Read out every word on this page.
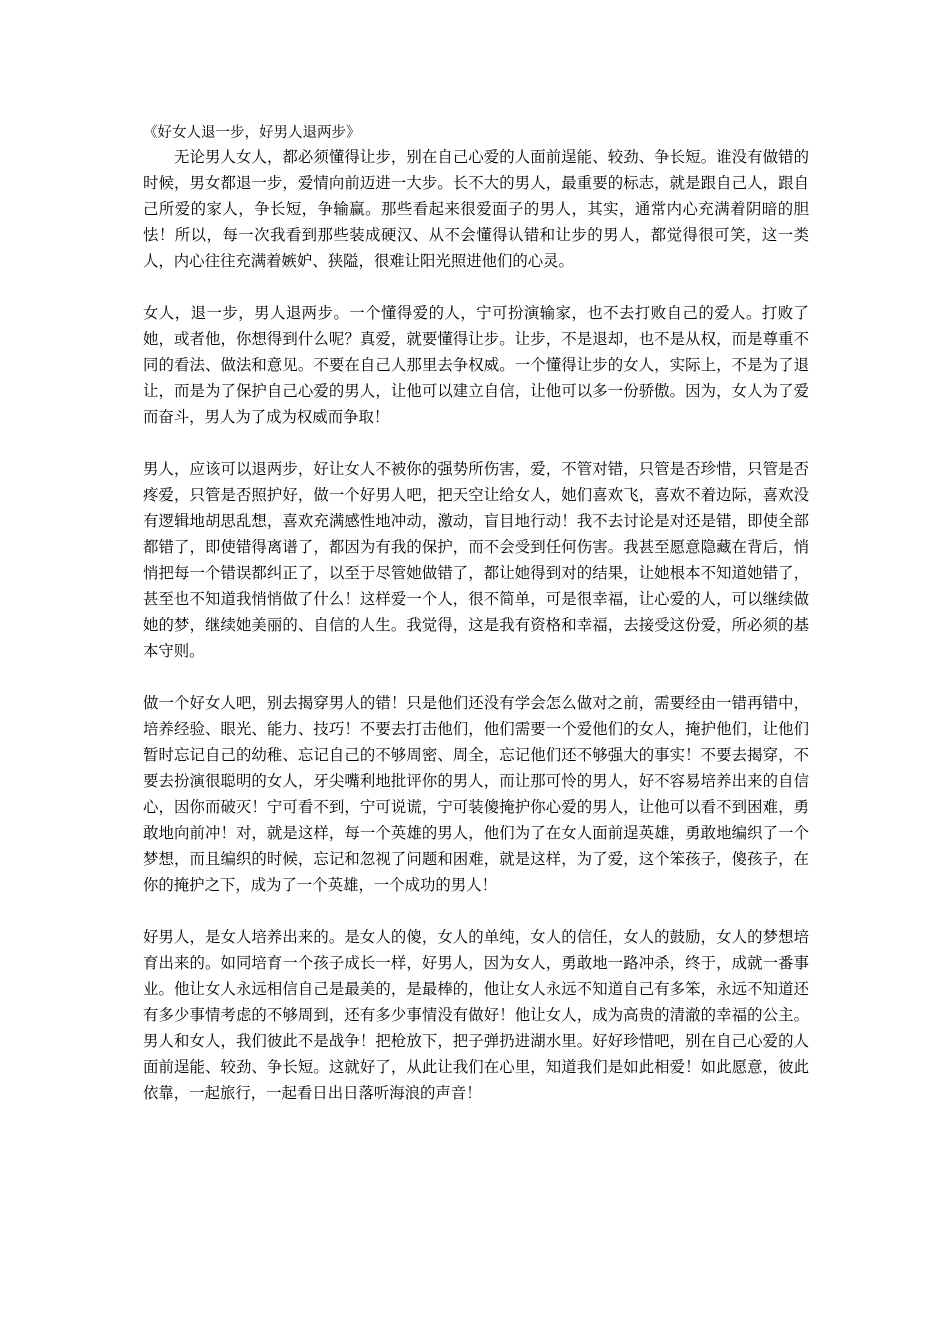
《好女人退一步，好男人退两步》

无论男人女人，都必须懂得让步，别在自己心爱的人面前逞能、较劲、争长短。谁没有做错的时候，男女都退一步，爱情向前迈进一大步。长不大的男人，最重要的标志，就是跟自己人，跟自己所爱的家人，争长短，争输赢。那些看起来很爱面子的男人，其实，通常内心充满着阴暗的胆怯！所以，每一次我看到那些装成硬汉、从不会懂得认错和让步的男人，都觉得很可笑，这一类人，内心往往充满着嫉妒、狭隘，很难让阳光照进他们的心灵。

女人，退一步，男人退两步。一个懂得爱的人，宁可扮演输家，也不去打败自己的爱人。打败了她，或者他，你想得到什么呢？真爱，就要懂得让步。让步，不是退却，也不是从权，而是尊重不同的看法、做法和意见。不要在自己人那里去争权威。一个懂得让步的女人，实际上，不是为了退让，而是为了保护自己心爱的男人，让他可以建立自信，让他可以多一份骄傲。因为，女人为了爱而奋斗，男人为了成为权威而争取！

男人，应该可以退两步，好让女人不被你的强势所伤害，爱，不管对错，只管是否珍惜，只管是否疼爱，只管是否照护好，做一个好男人吧，把天空让给女人，她们喜欢飞，喜欢不着边际，喜欢没有逻辑地胡思乱想，喜欢充满感性地冲动，激动，盲目地行动！我不去讨论是对还是错，即使全部都错了，即使错得离谱了，都因为有我的保护，而不会受到任何伤害。我甚至愿意隐藏在背后，悄悄把每一个错误都纠正了，以至于尽管她做错了，都让她得到对的结果，让她根本不知道她错了，甚至也不知道我悄悄做了什么！这样爱一个人，很不简单，可是很幸福，让心爱的人，可以继续做她的梦，继续她美丽的、自信的人生。我觉得，这是我有资格和幸福，去接受这份爱，所必须的基本守则。

做一个好女人吧，别去揭穿男人的错！只是他们还没有学会怎么做对之前，需要经由一错再错中，培养经验、眼光、能力、技巧！不要去打击他们，他们需要一个爱他们的女人，掩护他们，让他们暂时忘记自己的幼稚、忘记自己的不够周密、周全，忘记他们还不够强大的事实！不要去揭穿，不要去扮演很聪明的女人，牙尖嘴利地批评你的男人，而让那可怜的男人，好不容易培养出来的自信心，因你而破灭！宁可看不到，宁可说谎，宁可装傻掩护你心爱的男人，让他可以看不到困难，勇敢地向前冲！对，就是这样，每一个英雄的男人，他们为了在女人面前逞英雄，勇敢地编织了一个梦想，而且编织的时候，忘记和忽视了问题和困难，就是这样，为了爱，这个笨孩子，傻孩子，在你的掩护之下，成为了一个英雄，一个成功的男人！

好男人，是女人培养出来的。是女人的傻，女人的单纯，女人的信任，女人的鼓励，女人的梦想培育出来的。如同培育一个孩子成长一样，好男人，因为女人，勇敢地一路冲杀，终于，成就一番事业。他让女人永远相信自己是最美的，是最棒的，他让女人永远不知道自己有多笨，永远不知道还有多少事情考虑的不够周到，还有多少事情没有做好！他让女人，成为高贵的清澈的幸福的公主。男人和女人，我们彼此不是战争！把枪放下，把子弹扔进湖水里。好好珍惜吧，别在自己心爱的人面前逞能、较劲、争长短。这就好了，从此让我们在心里，知道我们是如此相爱！如此愿意，彼此依靠，一起旅行，一起看日出日落听海浪的声音！
